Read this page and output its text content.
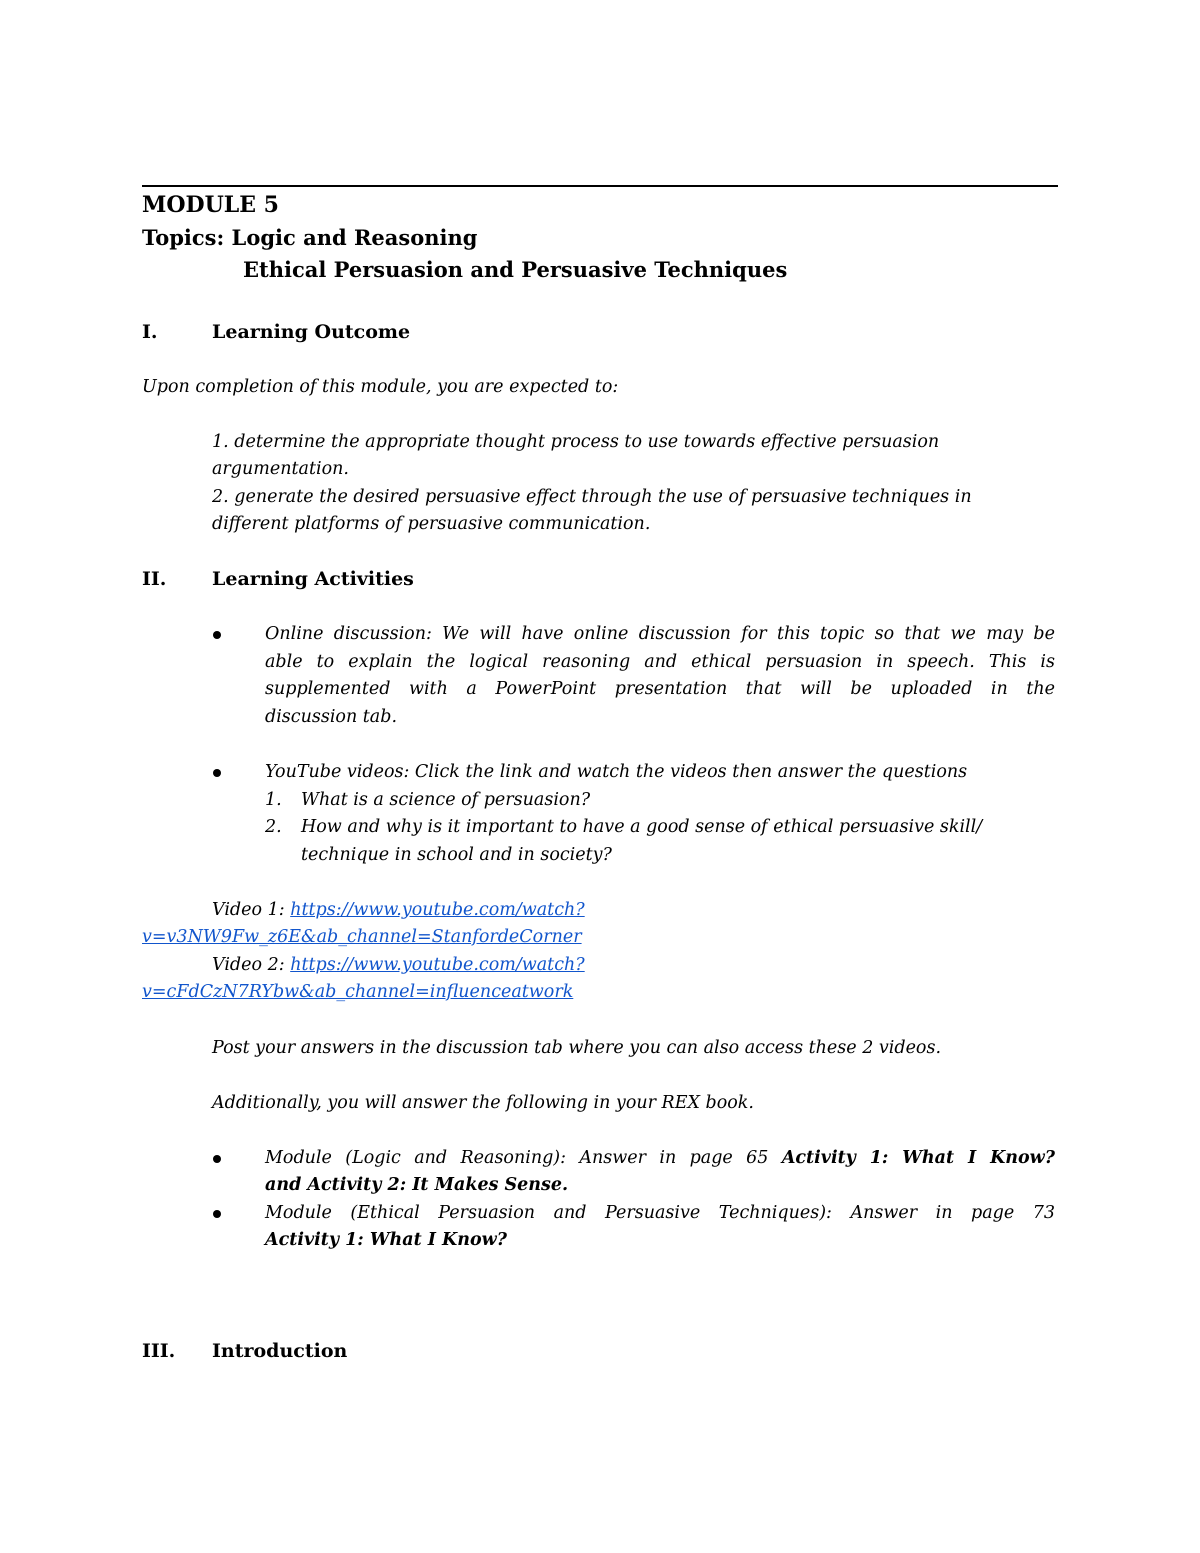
MODULE 5
Topics: Logic and Reasoning
Ethical Persuasion and Persuasive Techniques
I.	Learning Outcome
Upon completion of this module, you are expected to:
1. determine the appropriate thought process to use towards effective persuasion
argumentation.
2. generate the desired persuasive effect through the use of persuasive techniques in
different platforms of persuasive communication.
II. Learning Activities
Online discussion: We will have online discussion for this topic so that we may be
able to explain the logical reasoning and ethical persuasion in speech. This is
supplemented with a PowerPoint presentation that will be uploaded in the
discussion tab.
YouTube videos: Click the link and watch the videos then answer the questions
1. What is a science of persuasion?
2. How and why is it important to have a good sense of ethical persuasive skill/
technique in school and in society?
Video 1: https://www.youtube.com/watch?
v=v3NW9Fw_z6E&ab_channel=StanfordeCorner
Video 2: https://www.youtube.com/watch?
v=cFdCzN7RYbw&ab_channel=influenceatwork
Post your answers in the discussion tab where you can also access these 2 videos.
Additionally, you will answer the following in your REX book.
Module (Logic and Reasoning): Answer in page 65 Activity 1: What I Know?
and Activity 2: It Makes Sense.
Module (Ethical Persuasion and Persuasive Techniques): Answer in page 73
Activity 1: What I Know?
III. Introduction
